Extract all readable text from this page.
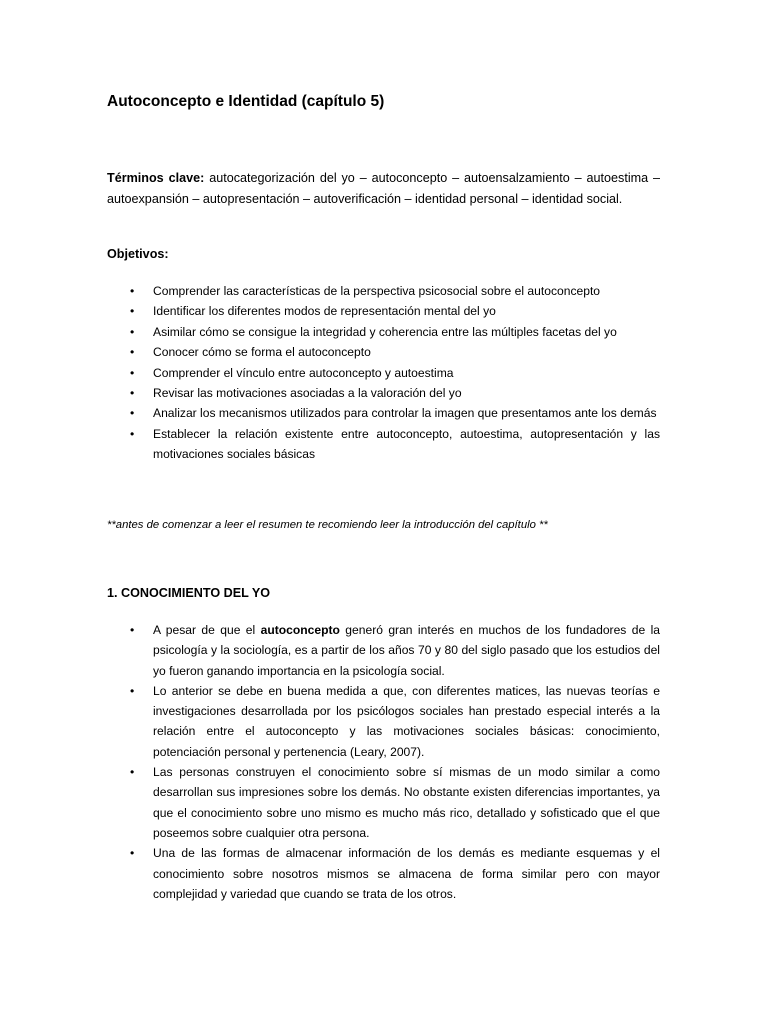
Autoconcepto e Identidad (capítulo 5)

Términos clave: autocategorización del yo – autoconcepto – autoensalzamiento – autoestima – autoexpansión – autopresentación – autoverificación – identidad personal – identidad social.

Objetivos:

• Comprender las características de la perspectiva psicosocial sobre el autoconcepto
• Identificar los diferentes modos de representación mental del yo
• Asimilar cómo se consigue la integridad y coherencia entre las múltiples facetas del yo
• Conocer cómo se forma el autoconcepto
• Comprender el vínculo entre autoconcepto y autoestima
• Revisar las motivaciones asociadas a la valoración del yo
• Analizar los mecanismos utilizados para controlar la imagen que presentamos ante los demás
• Establecer la relación existente entre autoconcepto, autoestima, autopresentación y las motivaciones sociales básicas

**antes de comenzar a leer el resumen te recomiendo leer la introducción del capítulo **

1. CONOCIMIENTO DEL YO
• A pesar de que el autoconcepto generó gran interés en muchos de los fundadores de la psicología y la sociología, es a partir de los años 70 y 80 del siglo pasado que los estudios del yo fueron ganando importancia en la psicología social.
• Lo anterior se debe en buena medida a que, con diferentes matices, las nuevas teorías e investigaciones desarrollada por los psicólogos sociales han prestado especial interés a la relación entre el autoconcepto y las motivaciones sociales básicas: conocimiento, potenciación personal y pertenencia (Leary, 2007).
• Las personas construyen el conocimiento sobre sí mismas de un modo similar a como desarrollan sus impresiones sobre los demás. No obstante existen diferencias importantes, ya que el conocimiento sobre uno mismo es mucho más rico, detallado y sofisticado que el que poseemos sobre cualquier otra persona.
• Una de las formas de almacenar información de los demás es mediante esquemas y el conocimiento sobre nosotros mismos se almacena de forma similar pero con mayor complejidad y variedad que cuando se trata de los otros.
